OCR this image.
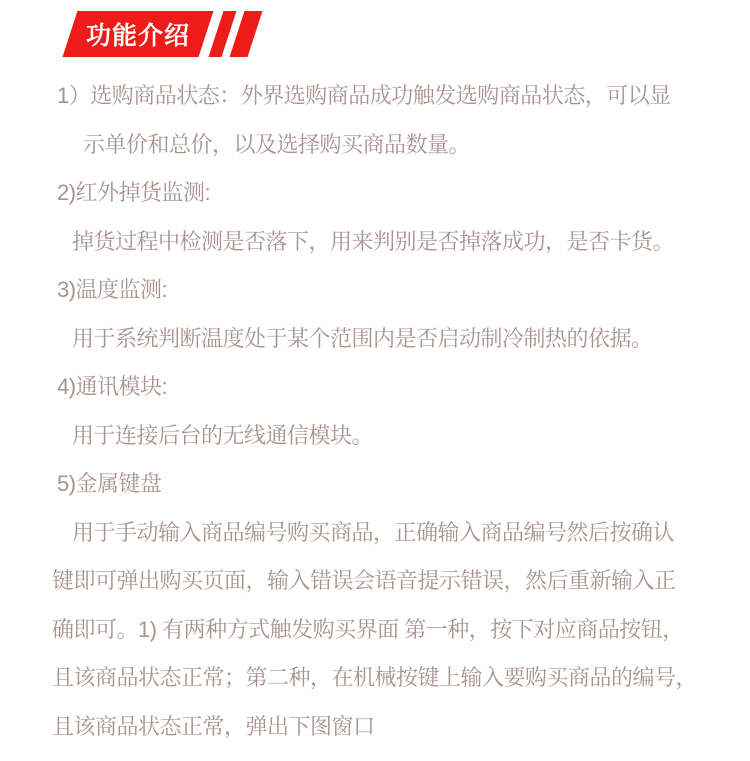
功能介绍
1）选购商品状态：外界选购商品成功触发选购商品状态，可以显
示单价和总价，以及选择购买商品数量。
2)红外掉货监测:
掉货过程中检测是否落下，用来判别是否掉落成功，是否卡货。
3)温度监测:
用于系统判断温度处于某个范围内是否启动制冷制热的依据。
4)通讯模块:
用于连接后台的无线通信模块。
5)金属键盘
用于手动输入商品编号购买商品，正确输入商品编号然后按确认
键即可弹出购买页面，输入错误会语音提示错误，然后重新输入正
确即可。1) 有两种方式触发购买界面 第一种，按下对应商品按钮，
且该商品状态正常；第二种，在机械按键上输入要购买商品的编号，
且该商品状态正常，弹出下图窗口
